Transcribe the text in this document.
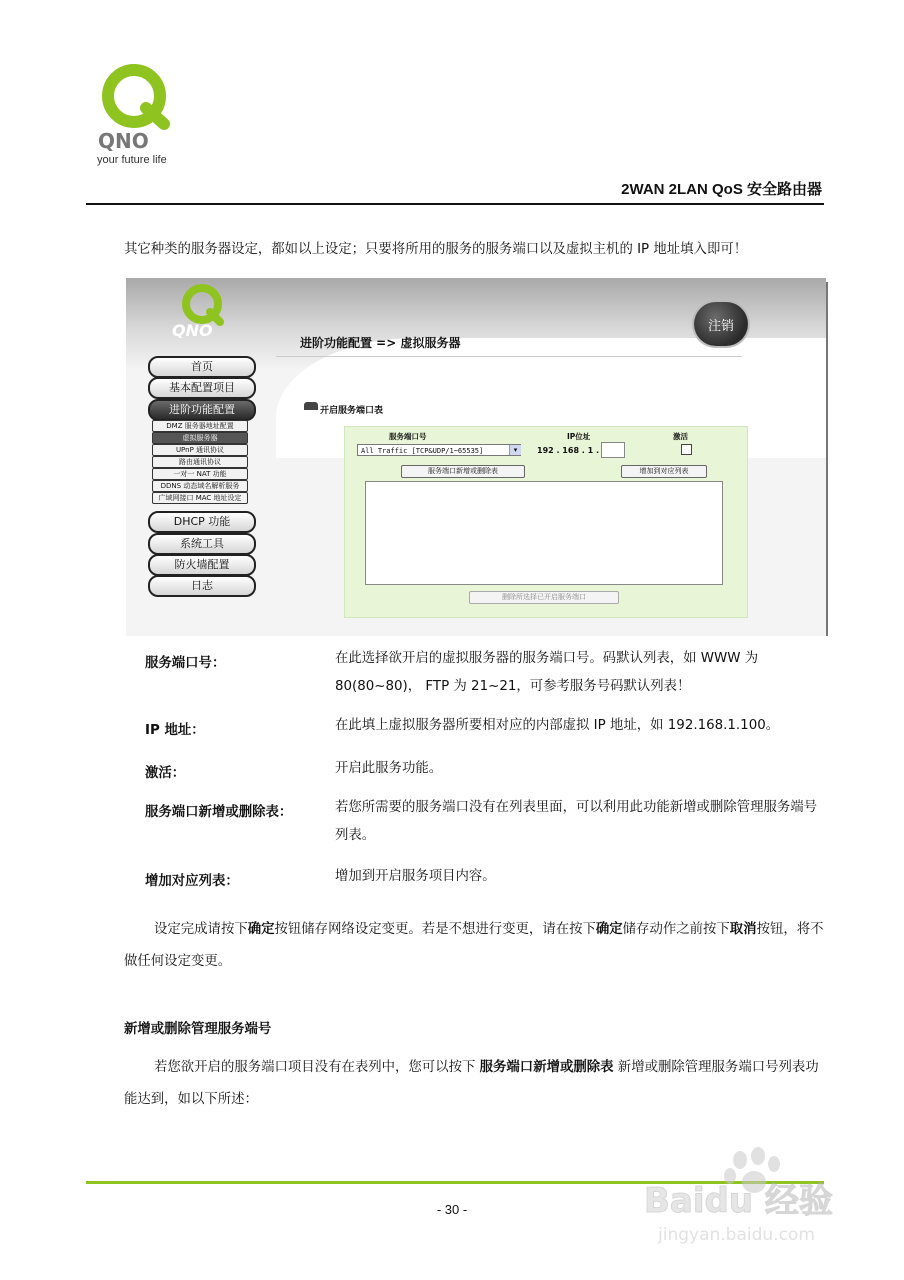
QNO
your future life
2WAN 2LAN QoS 安全路由器
其它种类的服务器设定，都如以上设定；只要将所用的服务的服务端口以及虚拟主机的 IP 地址填入即可！
QNO	注销
进阶功能配置 => 虚拟服务器
首页
基本配置项目
进阶功能配置
DMZ 服务器地址配置
虚拟服务器
UPnP 通讯协议
路由通讯协议
一对一 NAT 功能
DDNS 动态域名解析服务
广域网接口 MAC 地址设定
DHCP 功能
系统工具
防火墙配置
日志
开启服务端口表
服务端口号	IP位址	激活
All Traffic [TCP&UDP/1~65535]	▾	192 . 168 . 1 .
服务端口新增或删除表	增加到对应列表
删除所选择已开启服务端口
服务端口号：	在此选择欲开启的虚拟服务器的服务端口号。码默认列表，如 WWW 为 80(80~80)， FTP 为 21~21，可参考服务号码默认列表！
IP 地址：	在此填上虚拟服务器所要相对应的内部虚拟 IP 地址，如 192.168.1.100。
激活：	开启此服务功能。
服务端口新增或删除表：	若您所需要的服务端口没有在列表里面，可以利用此功能新增或删除管理服务端号列表。
增加对应列表：	增加到开启服务项目内容。
设定完成请按下确定按钮储存网络设定变更。若是不想进行变更，请在按下确定储存动作之前按下取消按钮，将不做任何设定变更。
新增或删除管理服务端号
若您欲开启的服务端口项目没有在表列中，您可以按下 服务端口新增或删除表 新增或删除管理服务端口号列表功能达到，如以下所述：
- 30 -	Baidu 经验
jingyan.baidu.com
